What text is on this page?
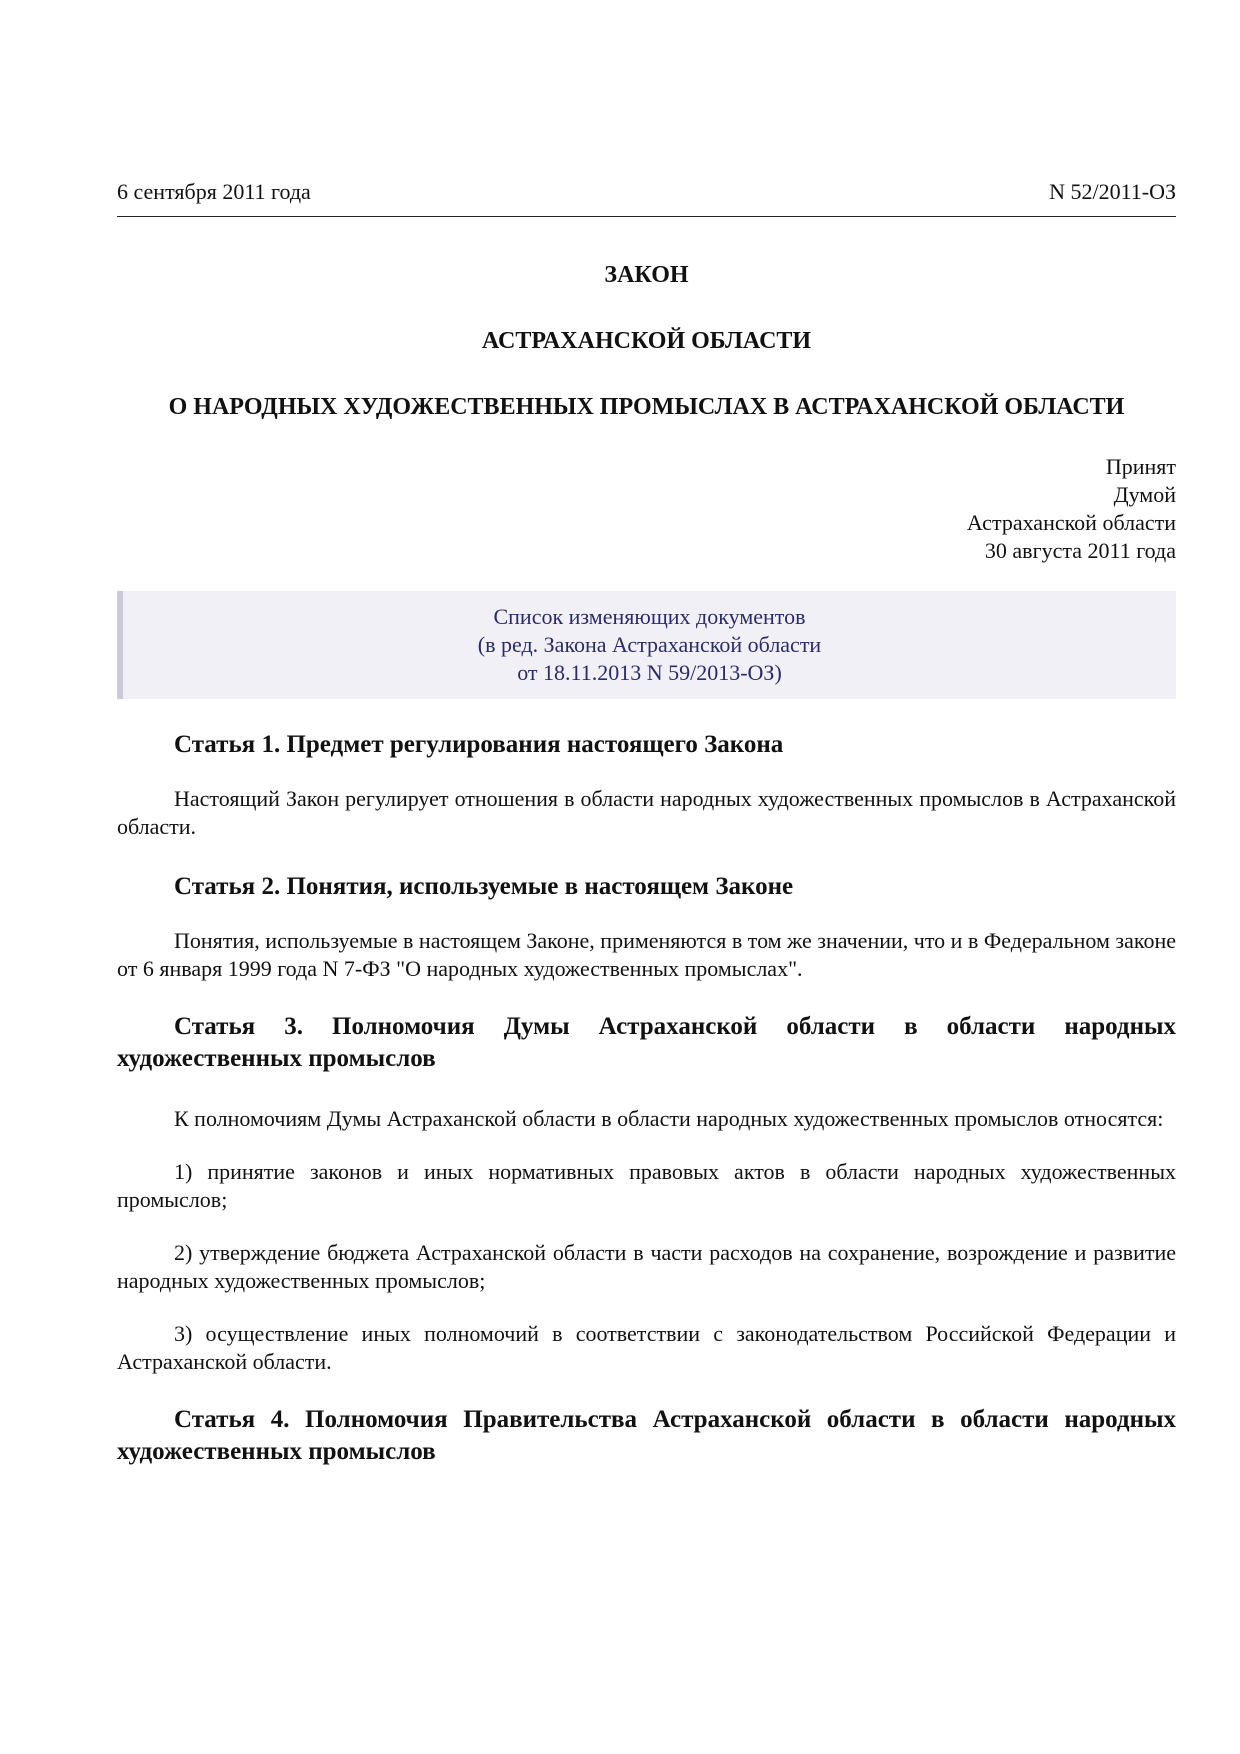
6 сентября 2011 года	N 52/2011-ОЗ

ЗАКОН

АСТРАХАНСКОЙ ОБЛАСТИ

О НАРОДНЫХ ХУДОЖЕСТВЕННЫХ ПРОМЫСЛАХ В АСТРАХАНСКОЙ ОБЛАСТИ

Принят
Думой
Астраханской области
30 августа 2011 года
Список изменяющих документов
(в ред. Закона Астраханской области
от 18.11.2013 N 59/2013-ОЗ)

Статья 1. Предмет регулирования настоящего Закона

Настоящий Закон регулирует отношения в области народных художественных промыслов в Астраханской области.

Статья 2. Понятия, используемые в настоящем Законе

Понятия, используемые в настоящем Законе, применяются в том же значении, что и в Федеральном законе от 6 января 1999 года N 7-ФЗ "О народных художественных промыслах".

Статья 3. Полномочия Думы Астраханской области в области народных художественных промыслов

К полномочиям Думы Астраханской области в области народных художественных промыслов относятся:

1) принятие законов и иных нормативных правовых актов в области народных художественных промыслов;

2) утверждение бюджета Астраханской области в части расходов на сохранение, возрождение и развитие народных художественных промыслов;

3) осуществление иных полномочий в соответствии с законодательством Российской Федерации и Астраханской области.

Статья 4. Полномочия Правительства Астраханской области в области народных художественных промыслов
